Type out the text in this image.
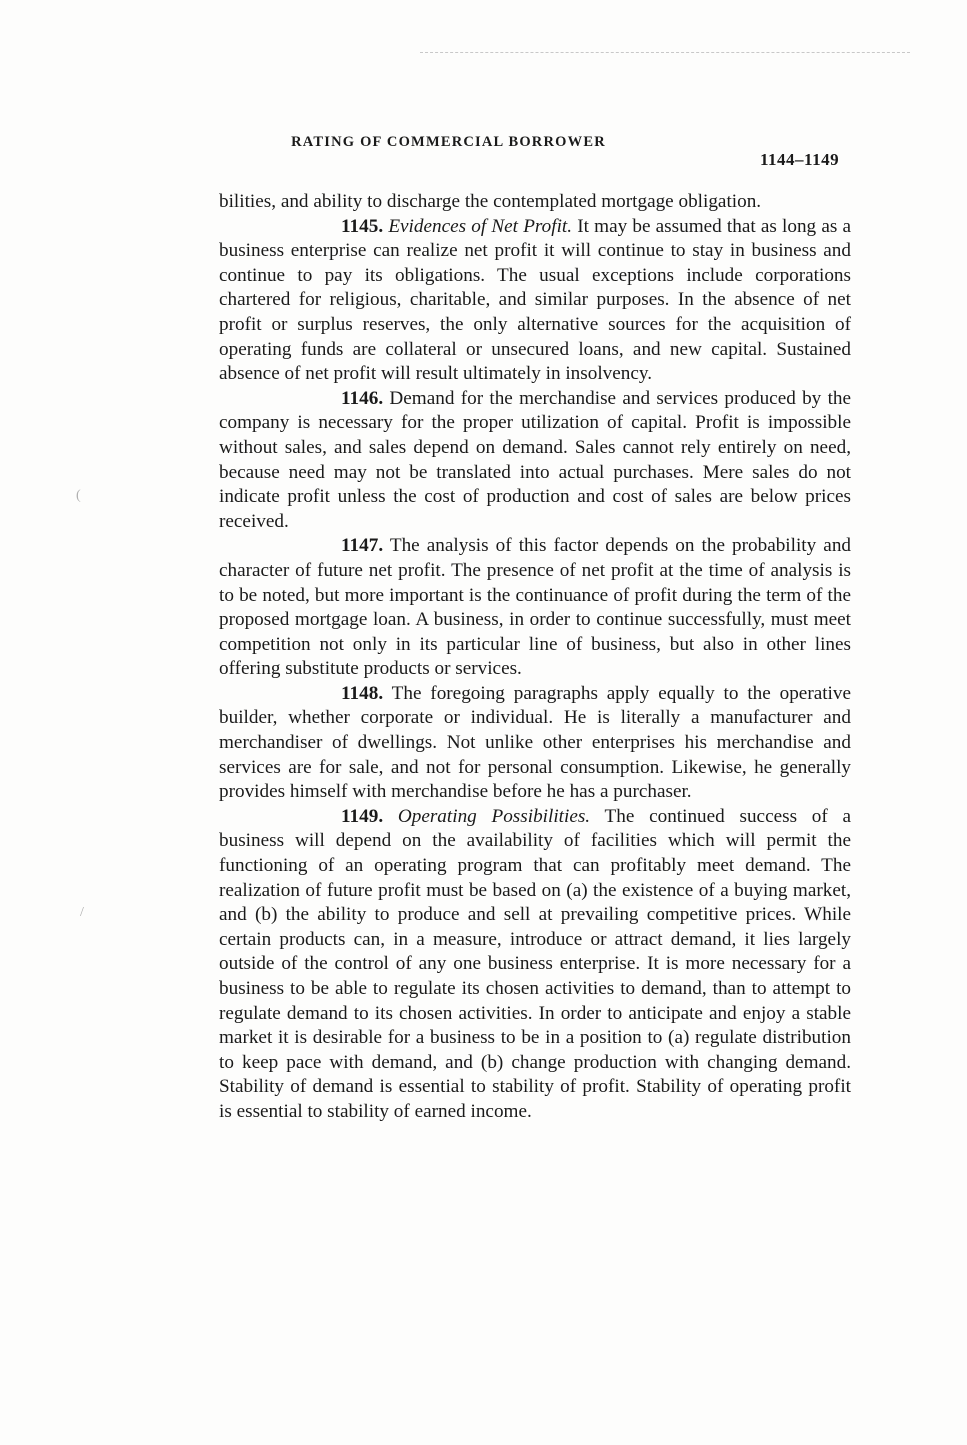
RATING OF COMMERCIAL BORROWER
1144–1149
(
/

bilities, and ability to discharge the contemplated mortgage obligation.

1145. Evidences of Net Profit. It may be assumed that as long as a business enterprise can realize net profit it will continue to stay in business and continue to pay its obligations. The usual exceptions include corporations chartered for religious, charitable, and similar purposes. In the absence of net profit or surplus reserves, the only alternative sources for the acquisition of operating funds are collateral or unsecured loans, and new capital. Sustained absence of net profit will result ultimately in insolvency.

1146. Demand for the merchandise and services produced by the company is necessary for the proper utilization of capital. Profit is impossible without sales, and sales depend on demand. Sales cannot rely entirely on need, because need may not be translated into actual purchases. Mere sales do not indicate profit unless the cost of production and cost of sales are below prices received.

1147. The analysis of this factor depends on the probability and character of future net profit. The presence of net profit at the time of analysis is to be noted, but more important is the continuance of profit during the term of the proposed mortgage loan. A business, in order to continue successfully, must meet competition not only in its particular line of business, but also in other lines offering substitute products or services.

1148. The foregoing paragraphs apply equally to the operative builder, whether corporate or individual. He is literally a manufacturer and merchandiser of dwellings. Not unlike other enterprises his merchandise and services are for sale, and not for personal consumption. Likewise, he generally provides himself with merchandise before he has a purchaser.

1149. Operating Possibilities. The continued success of a business will depend on the availability of facilities which will permit the functioning of an operating program that can profitably meet demand. The realization of future profit must be based on (a) the existence of a buying market, and (b) the ability to produce and sell at prevailing competitive prices. While certain products can, in a measure, introduce or attract demand, it lies largely outside of the control of any one business enterprise. It is more necessary for a business to be able to regulate its chosen activities to demand, than to attempt to regulate demand to its chosen activities. In order to anticipate and enjoy a stable market it is desirable for a business to be in a position to (a) regulate distribution to keep pace with demand, and (b) change production with changing demand. Stability of demand is essential to stability of profit. Stability of operating profit is essential to stability of earned income.
